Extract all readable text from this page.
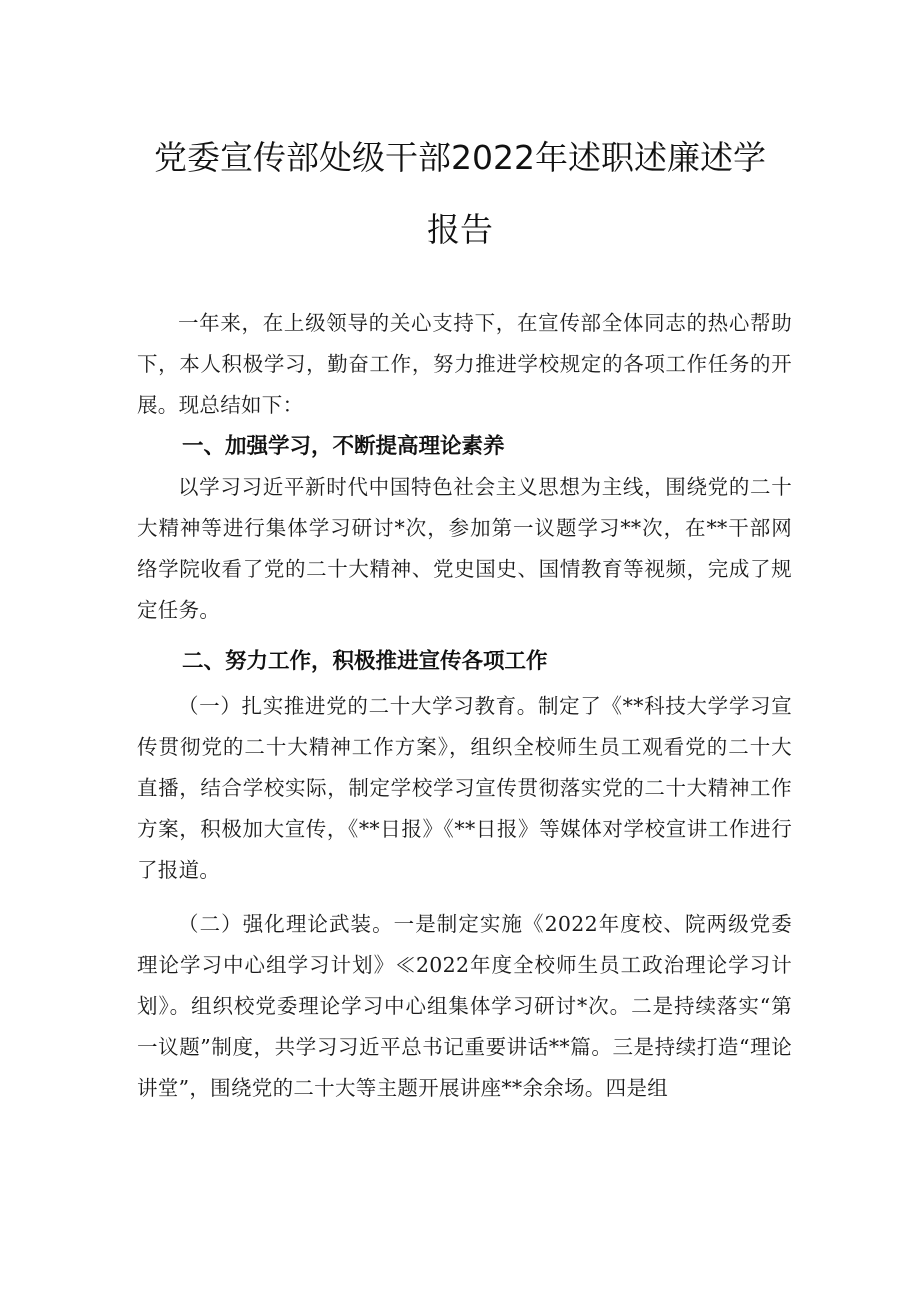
党委宣传部处级干部2022年述职述廉述学
报告

一年来，在上级领导的关心支持下，在宣传部全体同志的热心帮助下，本人积极学习，勤奋工作，努力推进学校规定的各项工作任务的开展。现总结如下：

一、加强学习，不断提高理论素养

以学习习近平新时代中国特色社会主义思想为主线，围绕党的二十大精神等进行集体学习研讨*次，参加第一议题学习**次，在**干部网络学院收看了党的二十大精神、党史国史、国情教育等视频，完成了规定任务。

二、努力工作，积极推进宣传各项工作

（一）扎实推进党的二十大学习教育。制定了《**科技大学学习宣传贯彻党的二十大精神工作方案》，组织全校师生员工观看党的二十大直播，结合学校实际，制定学校学习宣传贯彻落实党的二十大精神工作方案，积极加大宣传，《**日报》《**日报》等媒体对学校宣讲工作进行了报道。

（二）强化理论武装。一是制定实施《2022年度校、院两级党委理论学习中心组学习计划》≪2022年度全校师生员工政治理论学习计划》。组织校党委理论学习中心组集体学习研讨*次。二是持续落实“第一议题”制度，共学习习近平总书记重要讲话**篇。三是持续打造“理论讲堂”，围绕党的二十大等主题开展讲座**余余场。四是组
